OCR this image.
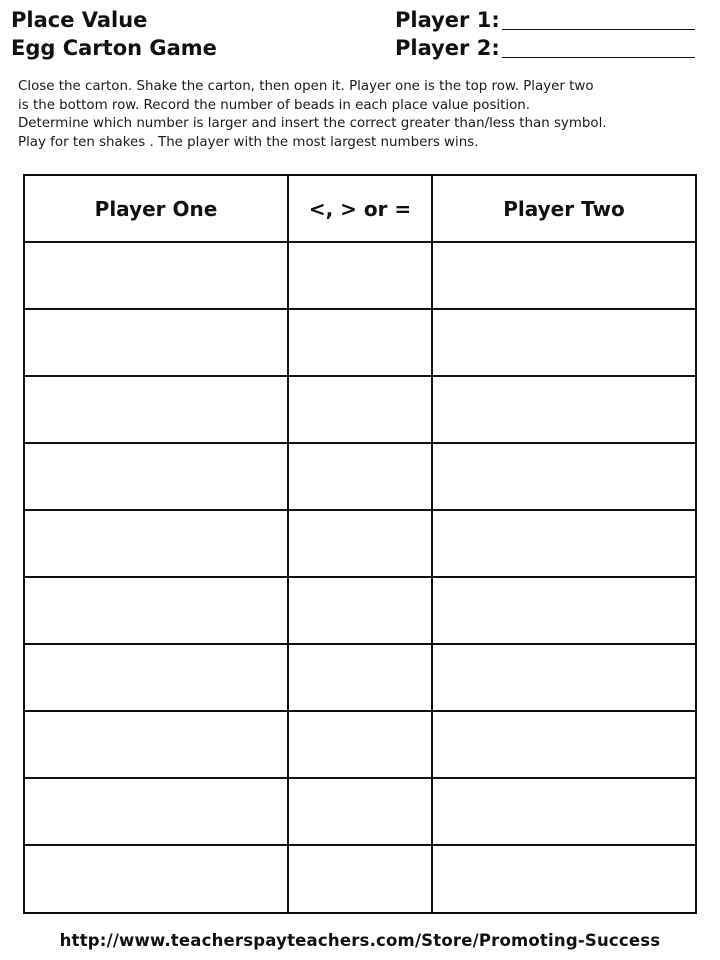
Place Value
Egg Carton Game
Player 1:
Player 2:
Close the carton. Shake the carton, then open it. Player one is the top row. Player two
is the bottom row. Record the number of beads in each place value position.
Determine which number is larger and insert the correct greater than/less than symbol.
Play for ten shakes . The player with the most largest numbers wins.
Player One	<, > or =	Player Two
http://www.teacherspayteachers.com/Store/Promoting-Success
